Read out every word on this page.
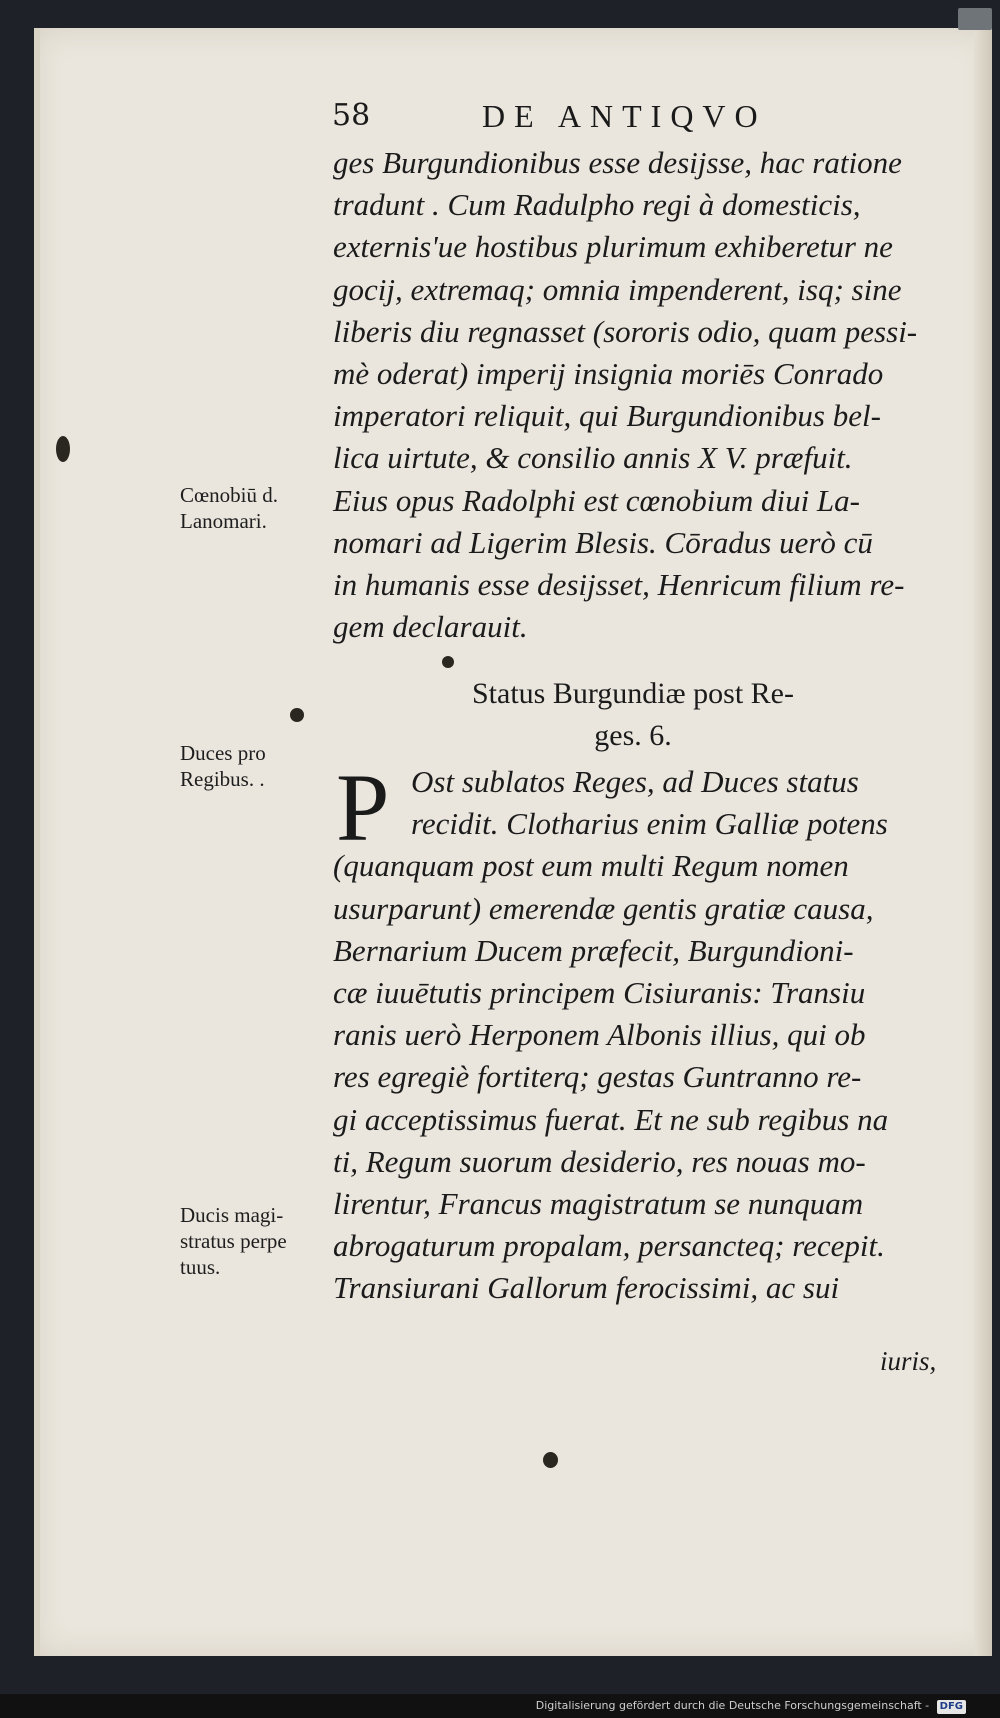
58	DE ANTIQVO
ges Burgundionibus esse desijsse, hac ratione
tradunt . Cum Radulpho regi à domesticis,
externis'ue hostibus plurimum exhiberetur ne
gocij, extremaq; omnia impenderent, isq; sine
liberis diu regnasset (sororis odio, quam pessi-
mè oderat) imperij insignia moriēs Conrado
imperatori reliquit, qui Burgundionibus bel-
lica uirtute, & consilio annis X V. præfuit.
Eius opus Radolphi est cœnobium diui La-
nomari ad Ligerim Blesis. Cōradus uerò cū
in humanis esse desijsset, Henricum filium re-
gem declarauit.
Status Burgundiæ post Re-
ges. 6.
P Ost sublatos Reges, ad Duces status
recidit. Clotharius enim Galliæ potens
(quanquam post eum multi Regum nomen
usurparunt) emerendæ gentis gratiæ causa,
Bernarium Ducem præfecit, Burgundioni-
cæ iuuētutis principem Cisiuranis: Transiu
ranis uerò Herponem Albonis illius, qui ob
res egregiè fortiterq; gestas Guntranno re-
gi acceptissimus fuerat. Et ne sub regibus na
ti, Regum suorum desiderio, res nouas mo-
lirentur, Francus magistratum se nunquam
abrogaturum propalam, persancteq; recepit.
Transiurani Gallorum ferocissimi, ac sui
iuris,
Cœnobiū d.
Lanomari.
Duces pro
Regibus. .
Ducis magi-
stratus perpe
tuus.
Digitalisierung gefördert durch die Deutsche Forschungsgemeinschaft - DFG
